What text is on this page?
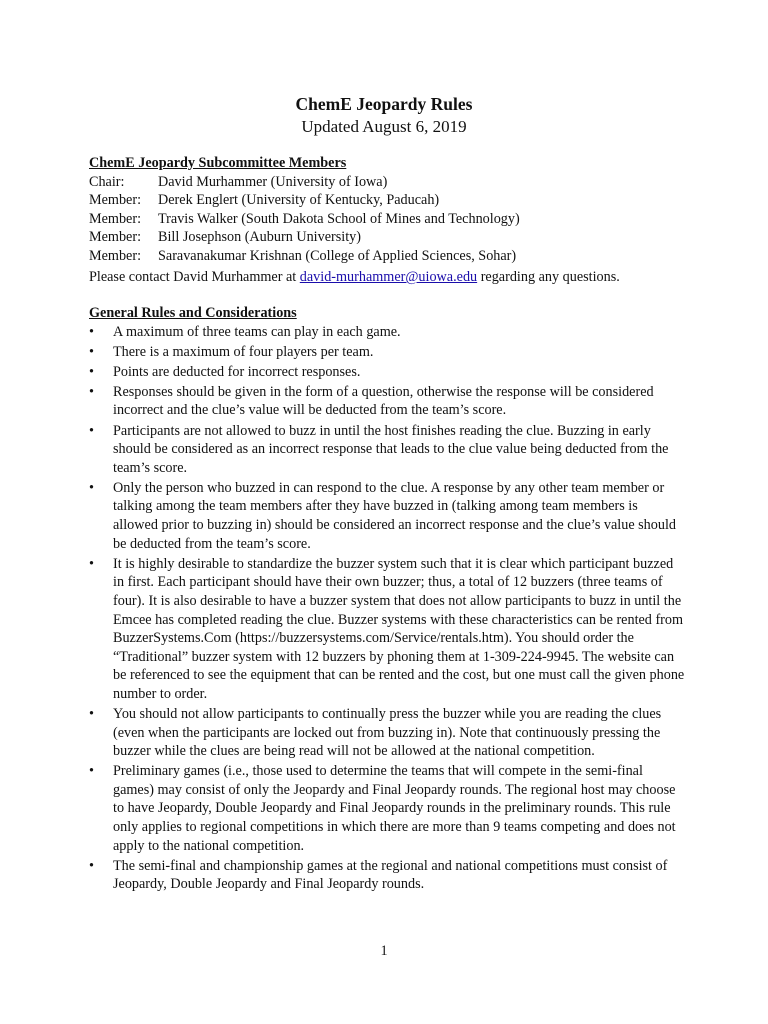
ChemE Jeopardy Rules
Updated August 6, 2019
ChemE Jeopardy Subcommittee Members
Chair:	David Murhammer (University of Iowa)
Member:	Derek Englert (University of Kentucky, Paducah)
Member:	Travis Walker (South Dakota School of Mines and Technology)
Member:	Bill Josephson (Auburn University)
Member:	Saravanakumar Krishnan (College of Applied Sciences, Sohar)
Please contact David Murhammer at david-murhammer@uiowa.edu regarding any questions.
General Rules and Considerations
• A maximum of three teams can play in each game.
• There is a maximum of four players per team.
• Points are deducted for incorrect responses.
• Responses should be given in the form of a question, otherwise the response will be considered incorrect and the clue’s value will be deducted from the team’s score.
• Participants are not allowed to buzz in until the host finishes reading the clue. Buzzing in early should be considered as an incorrect response that leads to the clue value being deducted from the team’s score.
• Only the person who buzzed in can respond to the clue. A response by any other team member or talking among the team members after they have buzzed in (talking among team members is allowed prior to buzzing in) should be considered an incorrect response and the clue’s value should be deducted from the team’s score.
• It is highly desirable to standardize the buzzer system such that it is clear which participant buzzed in first. Each participant should have their own buzzer; thus, a total of 12 buzzers (three teams of four). It is also desirable to have a buzzer system that does not allow participants to buzz in until the Emcee has completed reading the clue. Buzzer systems with these characteristics can be rented from BuzzerSystems.Com (https://buzzersystems.com/Service/rentals.htm). You should order the “Traditional” buzzer system with 12 buzzers by phoning them at 1-309-224-9945. The website can be referenced to see the equipment that can be rented and the cost, but one must call the given phone number to order.
• You should not allow participants to continually press the buzzer while you are reading the clues (even when the participants are locked out from buzzing in). Note that continuously pressing the buzzer while the clues are being read will not be allowed at the national competition.
• Preliminary games (i.e., those used to determine the teams that will compete in the semi-final games) may consist of only the Jeopardy and Final Jeopardy rounds. The regional host may choose to have Jeopardy, Double Jeopardy and Final Jeopardy rounds in the preliminary rounds. This rule only applies to regional competitions in which there are more than 9 teams competing and does not apply to the national competition.
• The semi-final and championship games at the regional and national competitions must consist of Jeopardy, Double Jeopardy and Final Jeopardy rounds.
1
